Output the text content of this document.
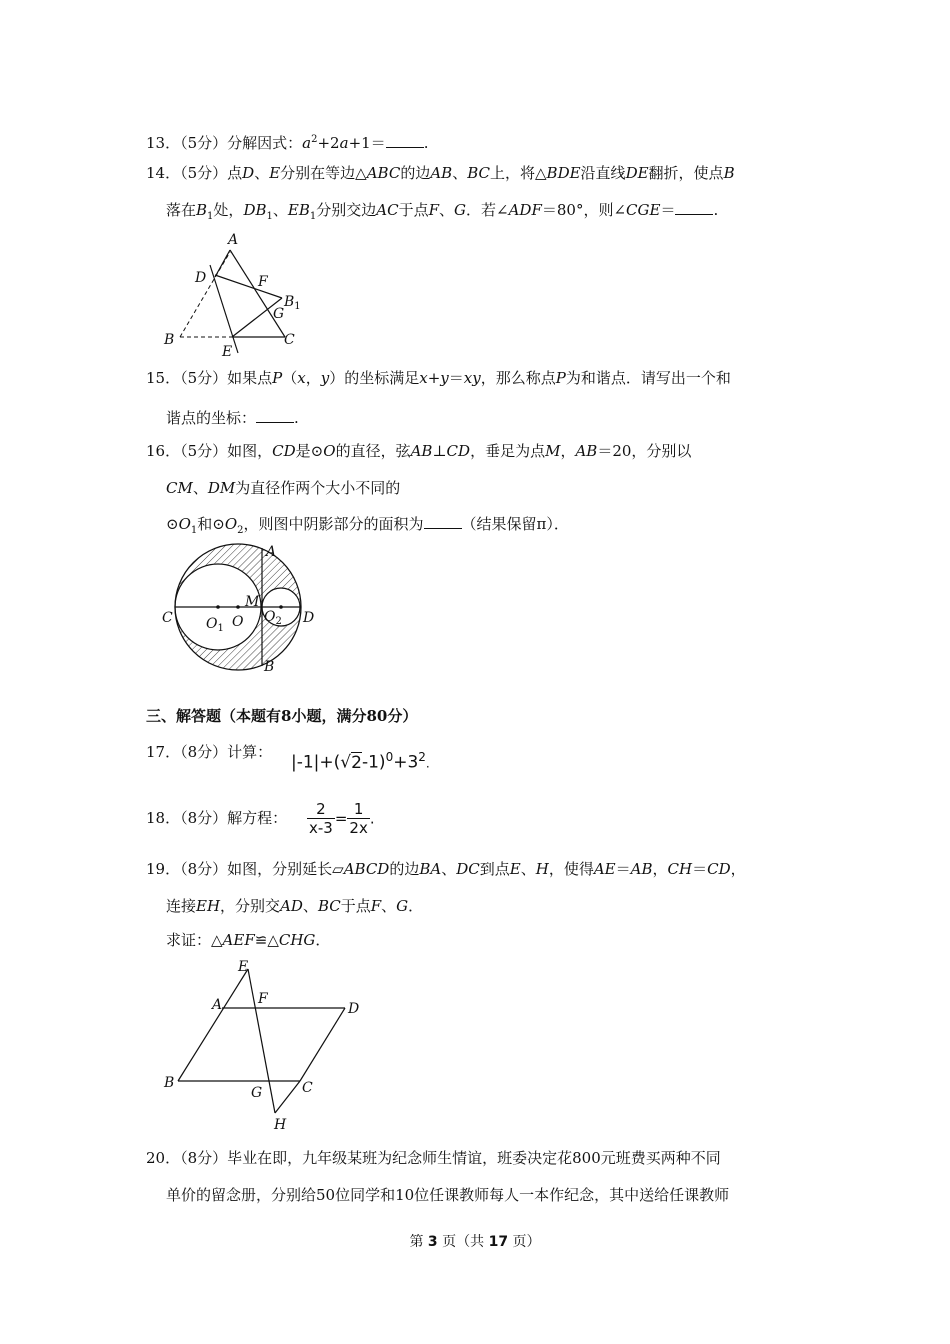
13．（5分）分解因式：$a^2+2a+1=$	.
14．（5分）点D、E分别在等边△ABC的边AB、BC上，将△BDE沿直线DE翻折，使点B
落在$B_1$处，$DB_1$、$EB_1$分别交边AC于点F、G．若∠ADF＝80°，则∠CGE＝	.
A
D	F
$B_1$
G
B
E
C
15．（5分）如果点P（x，y）的坐标满足x+y＝xy，那么称点P为和谐点．请写出一个和
谐点的坐标：	.
16．（5分）如图，CD是⊙O的直径，弦AB⊥CD，垂足为点M，AB＝20，分别以
CM、DM为直径作两个大小不同的
$⊙O_1$和$⊙O_2$，则图中阴影部分的面积为	（结果保留π）．
A
C
M
D
$O_1$ O $O_2$
B
三、解答题（本题有8小题，满分80分）
17．（8分）计算：
$|-1|+(√2-1)^0+3^2$.
18．（8分）解方程： $\frac{2}{x-3} = \frac{1}{2x}$ .
19．（8分）如图，分别延长▱ABCD的边BA、DC到点E、H，使得AE＝AB，CH＝CD，
连接EH，分别交AD、BC于点F、G．
求证：△AEF≌△CHG．
E
A	F
D
B
G	C
H
20．（8分）毕业在即，九年级某班为纪念师生情谊，班委决定花800元班费买两种不同
单价的留念册，分别给50位同学和10位任课教师每人一本作纪念，其中送给任课教师
第 3 页（共 17 页）
